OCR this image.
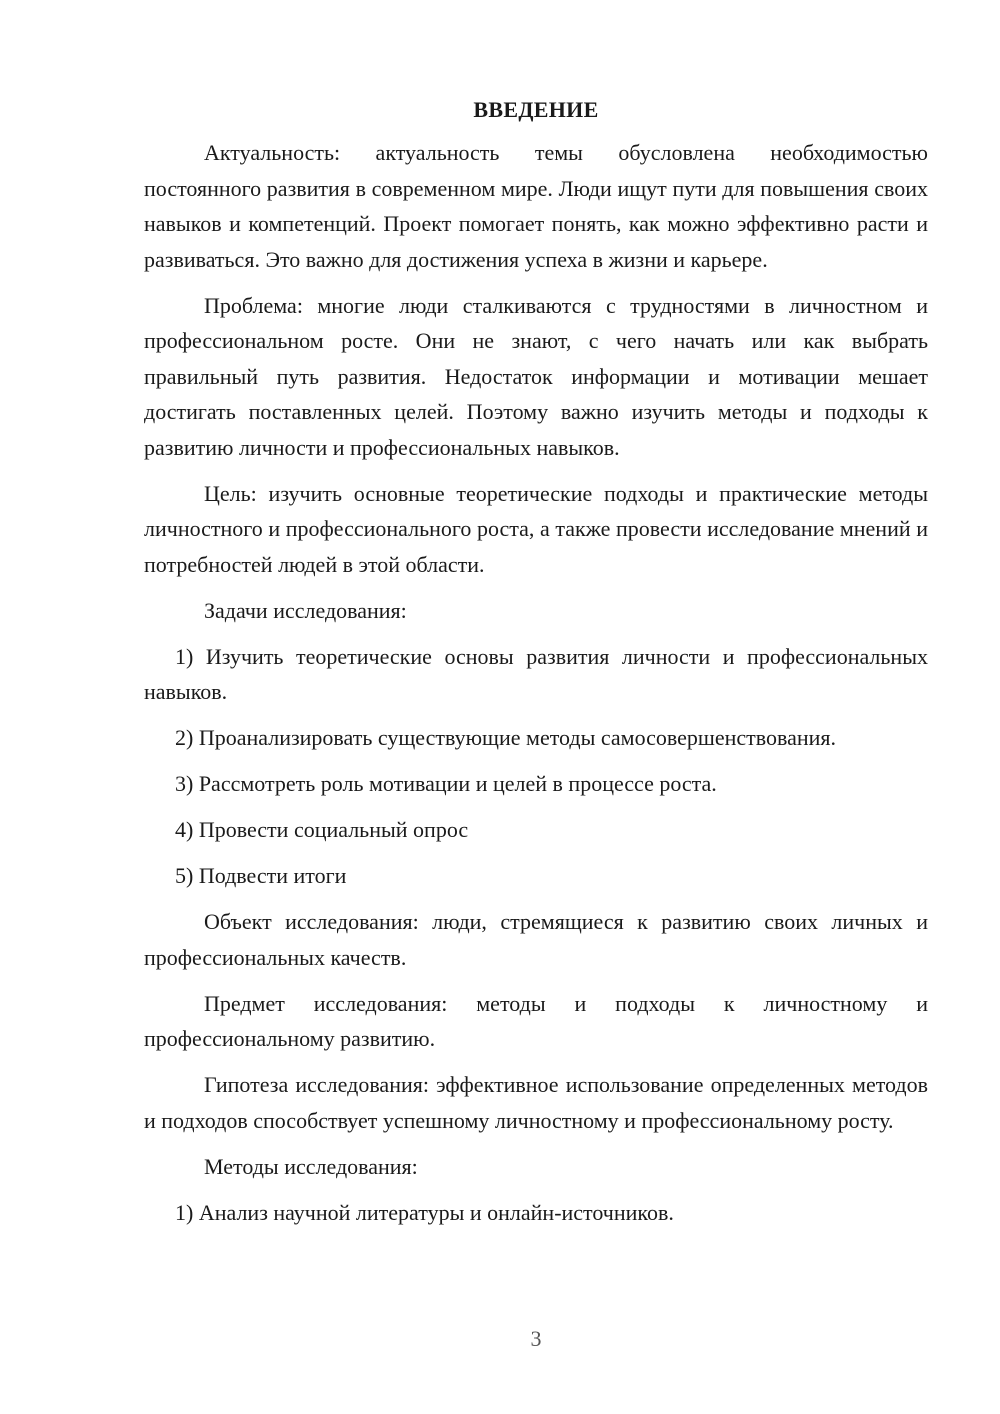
ВВЕДЕНИЕ

Актуальность: актуальность темы обусловлена необходимостью постоянного развития в современном мире. Люди ищут пути для повышения своих навыков и компетенций. Проект помогает понять, как можно эффективно расти и развиваться. Это важно для достижения успеха в жизни и карьере.

Проблема: многие люди сталкиваются с трудностями в личностном и профессиональном росте. Они не знают, с чего начать или как выбрать правильный путь развития. Недостаток информации и мотивации мешает достигать поставленных целей. Поэтому важно изучить методы и подходы к развитию личности и профессиональных навыков.

Цель: изучить основные теоретические подходы и практические методы личностного и профессионального роста, а также провести исследование мнений и потребностей людей в этой области.

Задачи исследования:

1) Изучить теоретические основы развития личности и профессиональных навыков.

2) Проанализировать существующие методы самосовершенствования.

3) Рассмотреть роль мотивации и целей в процессе роста.

4) Провести социальный опрос

5) Подвести итоги

Объект исследования: люди, стремящиеся к развитию своих личных и профессиональных качеств.

Предмет исследования: методы и подходы к личностному и профессиональному развитию.

Гипотеза исследования: эффективное использование определенных методов и подходов способствует успешному личностному и профессиональному росту.

Методы исследования:

1) Анализ научной литературы и онлайн-источников.

3
